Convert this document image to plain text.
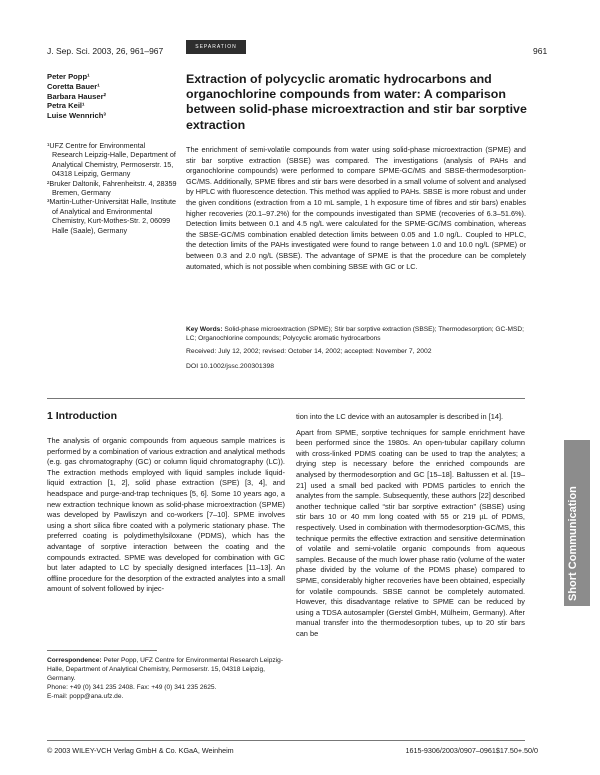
J. Sep. Sci. 2003, 26, 961–967	SEPARATION	961
Peter Popp¹
Coretta Bauer¹
Barbara Hauser²
Petra Keil¹
Luise Wennrich³
¹UFZ Centre for Environmental Research Leipzig-Halle, Department of Analytical Chemistry, Permoserstr. 15, 04318 Leipzig, Germany
²Bruker Daltonik, Fahrenheitstr. 4, 28359 Bremen, Germany
³Martin-Luther-Universität Halle, Institute of Analytical and Environmental Chemistry, Kurt-Mothes-Str. 2, 06099 Halle (Saale), Germany
Extraction of polycyclic aromatic hydrocarbons and organochlorine compounds from water: A comparison between solid-phase microextraction and stir bar sorptive extraction
The enrichment of semi-volatile compounds from water using solid-phase microextraction (SPME) and stir bar sorptive extraction (SBSE) was compared. The investigations (analysis of PAHs and organochlorine compounds) were performed to compare SPME-GC/MS and SBSE-thermodesorption-GC/MS. Additionally, SPME fibres and stir bars were desorbed in a small volume of solvent and analysed by HPLC with fluorescence detection. This method was applied to PAHs. SBSE is more robust and under the given conditions (extraction from a 10 mL sample, 1 h exposure time of fibres and stir bars) enables higher recoveries (20.1–97.2%) for the compounds investigated than SPME (recoveries of 6.3–51.6%). Detection limits between 0.1 and 4.5 ng/L were calculated for the SPME-GC/MS combination, whereas the SBSE-GC/MS combination enabled detection limits between 0.05 and 1.0 ng/L. Coupled to HPLC, the detection limits of the PAHs investigated were found to range between 1.0 and 10.0 ng/L (SPME) or between 0.3 and 2.0 ng/L (SBSE). The advantage of SPME is that the procedure can be completely automated, which is not possible when combining SBSE with GC or LC.
Key Words: Solid-phase microextraction (SPME); Stir bar sorptive extraction (SBSE); Thermodesorption; GC-MSD; LC; Organochlorine compounds; Polycyclic aromatic hydrocarbons
Received: July 12, 2002; revised: October 14, 2002; accepted: November 7, 2002
DOI 10.1002/jssc.200301398
1 Introduction

The analysis of organic compounds from aqueous sample matrices is performed by a combination of various extraction and analytical methods (e.g. gas chromatography (GC) or column liquid chromatography (LC)). The extraction methods employed with liquid samples include liquid-liquid extraction [1, 2], solid phase extraction (SPE) [3, 4], and headspace and purge-and-trap techniques [5, 6]. Some 10 years ago, a new extraction technique known as solid-phase microextraction (SPME) was developed by Pawliszyn and co-workers [7–10]. SPME involves using a short silica fibre coated with a polymeric stationary phase. The preferred coating is polydimethylsiloxane (PDMS), which has the advantage of sorptive interaction between the coating and the compounds extracted. SPME was developed for combination with GC but later adapted to LC by specially designed interfaces [11–13]. An offline procedure for the desorption of the extracted analytes into a small amount of solvent followed by injec-

tion into the LC device with an autosampler is described in [14].

Apart from SPME, sorptive techniques for sample enrichment have been performed since the 1980s. An open-tubular capillary column with cross-linked PDMS coating can be used to trap the analytes; a drying step is necessary before the enriched compounds are analysed by thermodesorption and GC [15–18]. Baltussen et al. [19–21] used a small bed packed with PDMS particles to enrich the analytes from the sample. Subsequently, these authors [22] described another technique called “stir bar sorptive extraction” (SBSE) using stir bars 10 or 40 mm long coated with 55 or 219 µL of PDMS, respectively. Used in combination with thermodesorption-GC/MS, this technique permits the effective extraction and sensitive determination of volatile and semi-volatile organic compounds from aqueous samples. Because of the much lower phase ratio (volume of the water phase divided by the volume of the PDMS phase) compared to SPME, considerably higher recoveries have been obtained, especially for volatile compounds. SBSE cannot be completely automated. However, this disadvantage relative to SPME can be reduced by using a TDSA autosampler (Gerstel GmbH, Mülheim, Germany). After manual transfer into the thermodesorption tubes, up to 20 stir bars can be

Correspondence: Peter Popp, UFZ Centre for Environmental Research Leipzig-Halle, Department of Analytical Chemistry, Permoserstr. 15, 04318 Leipzig, Germany.
Phone: +49 (0) 341 235 2408. Fax: +49 (0) 341 235 2625.
E-mail: popp@ana.ufz.de.
Short Communication
© 2003 WILEY-VCH Verlag GmbH & Co. KGaA, Weinheim	1615-9306/2003/0907–0961$17.50+.50/0
